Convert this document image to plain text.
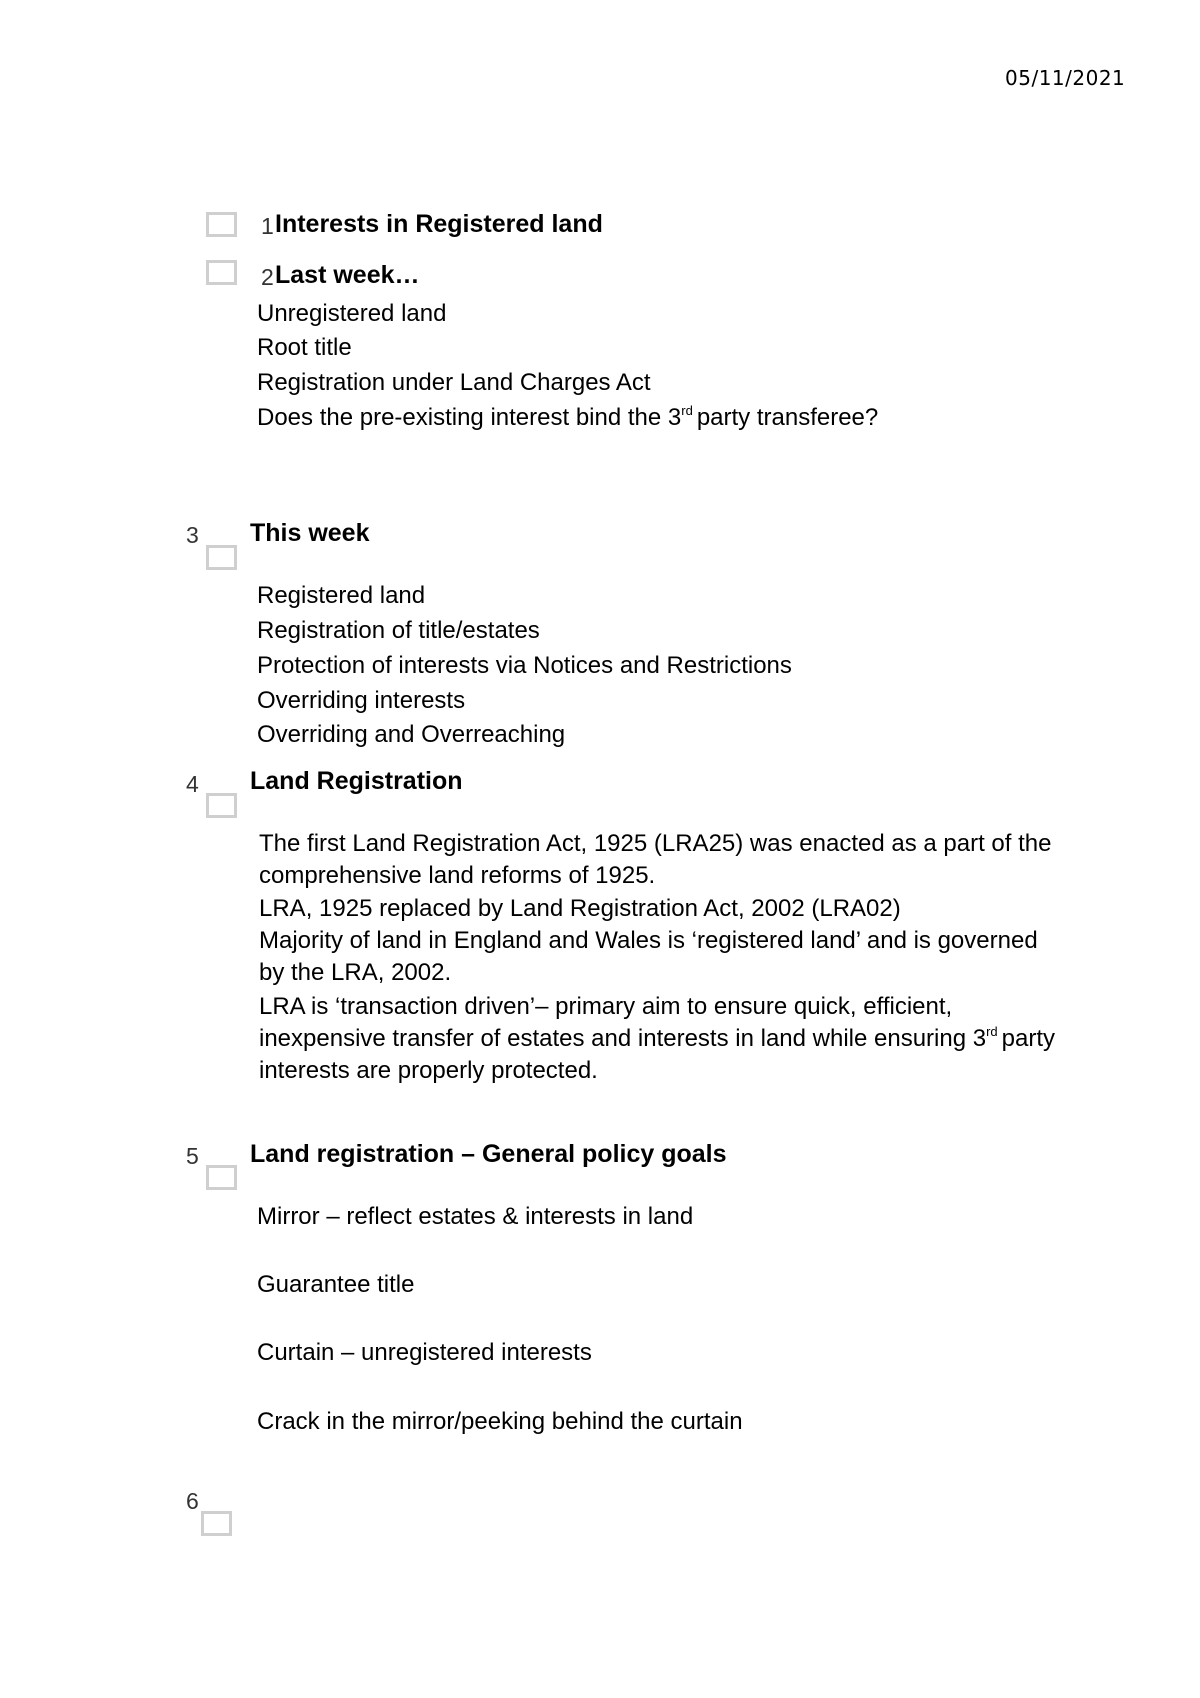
05/11/2021
1 Interests in Registered land
2 Last week…
Unregistered land
Root title
Registration under Land Charges Act
Does the pre-existing interest bind the 3rd party transferee?
3 This week
Registered land
Registration of title/estates
Protection of interests via Notices and Restrictions
Overriding interests
Overriding and Overreaching
4 Land Registration
The first Land Registration Act, 1925 (LRA25) was enacted as a part of the comprehensive land reforms of 1925.
LRA, 1925 replaced by Land Registration Act, 2002 (LRA02)
Majority of land in England and Wales is ‘registered land’ and is governed by the LRA, 2002.
LRA is ‘transaction driven’– primary aim to ensure quick, efficient, inexpensive transfer of estates and interests in land while ensuring 3rd party interests are properly protected.
5 Land registration – General policy goals
Mirror – reflect estates & interests in land
Guarantee title
Curtain – unregistered interests
Crack in the mirror/peeking behind the curtain
6
